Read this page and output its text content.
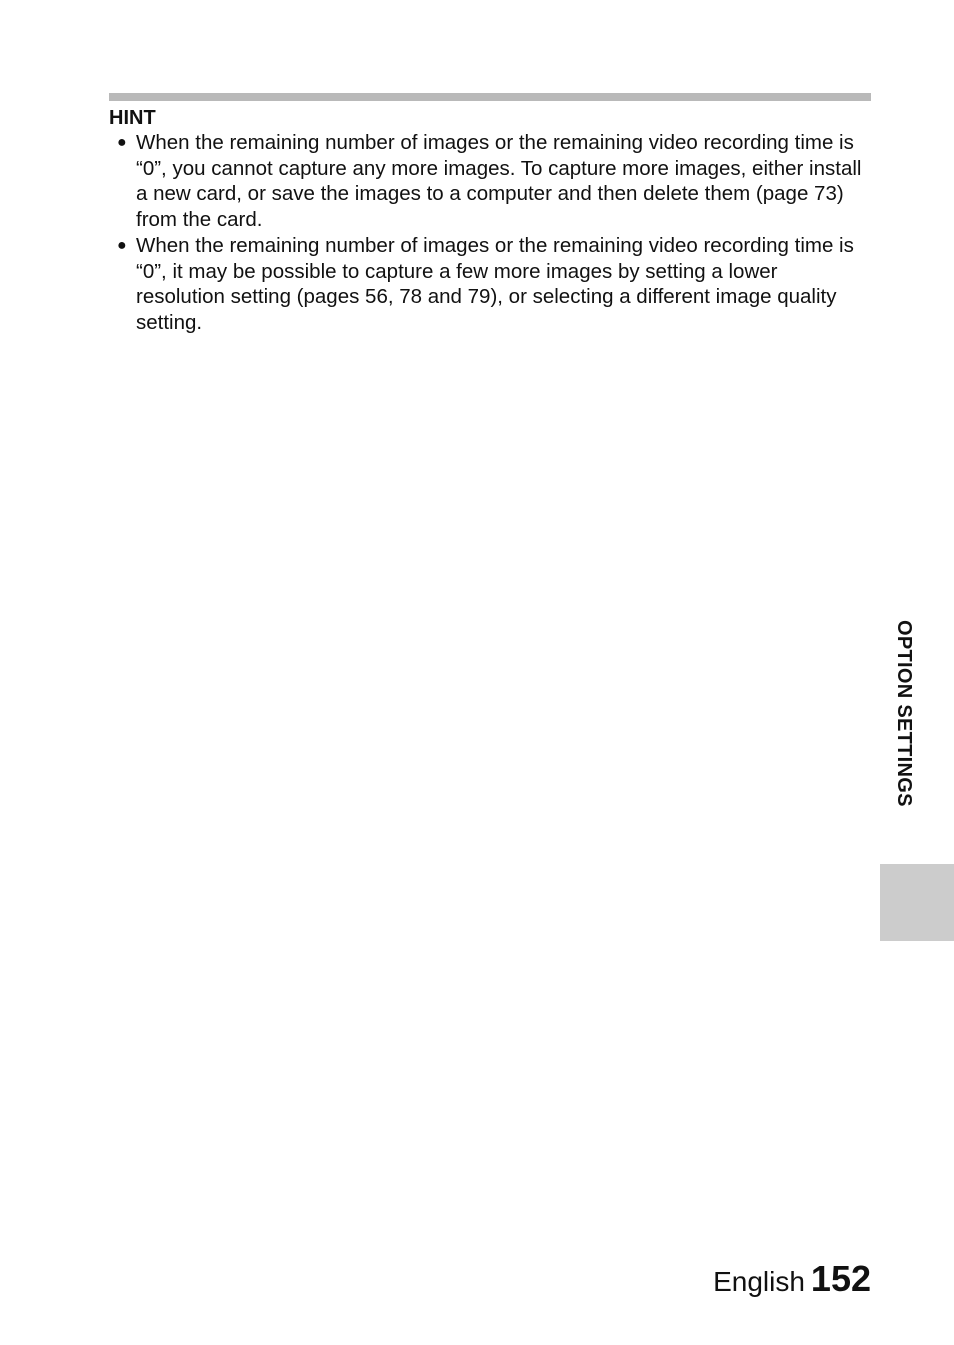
HINT
● When the remaining number of images or the remaining video recording time is “0”, you cannot capture any more images. To capture more images, either install a new card, or save the images to a computer and then delete them (page 73) from the card.
● When the remaining number of images or the remaining video recording time is “0”, it may be possible to capture a few more images by setting a lower resolution setting (pages 56, 78 and 79), or selecting a different image quality setting.
OPTION SETTINGS
English 152
